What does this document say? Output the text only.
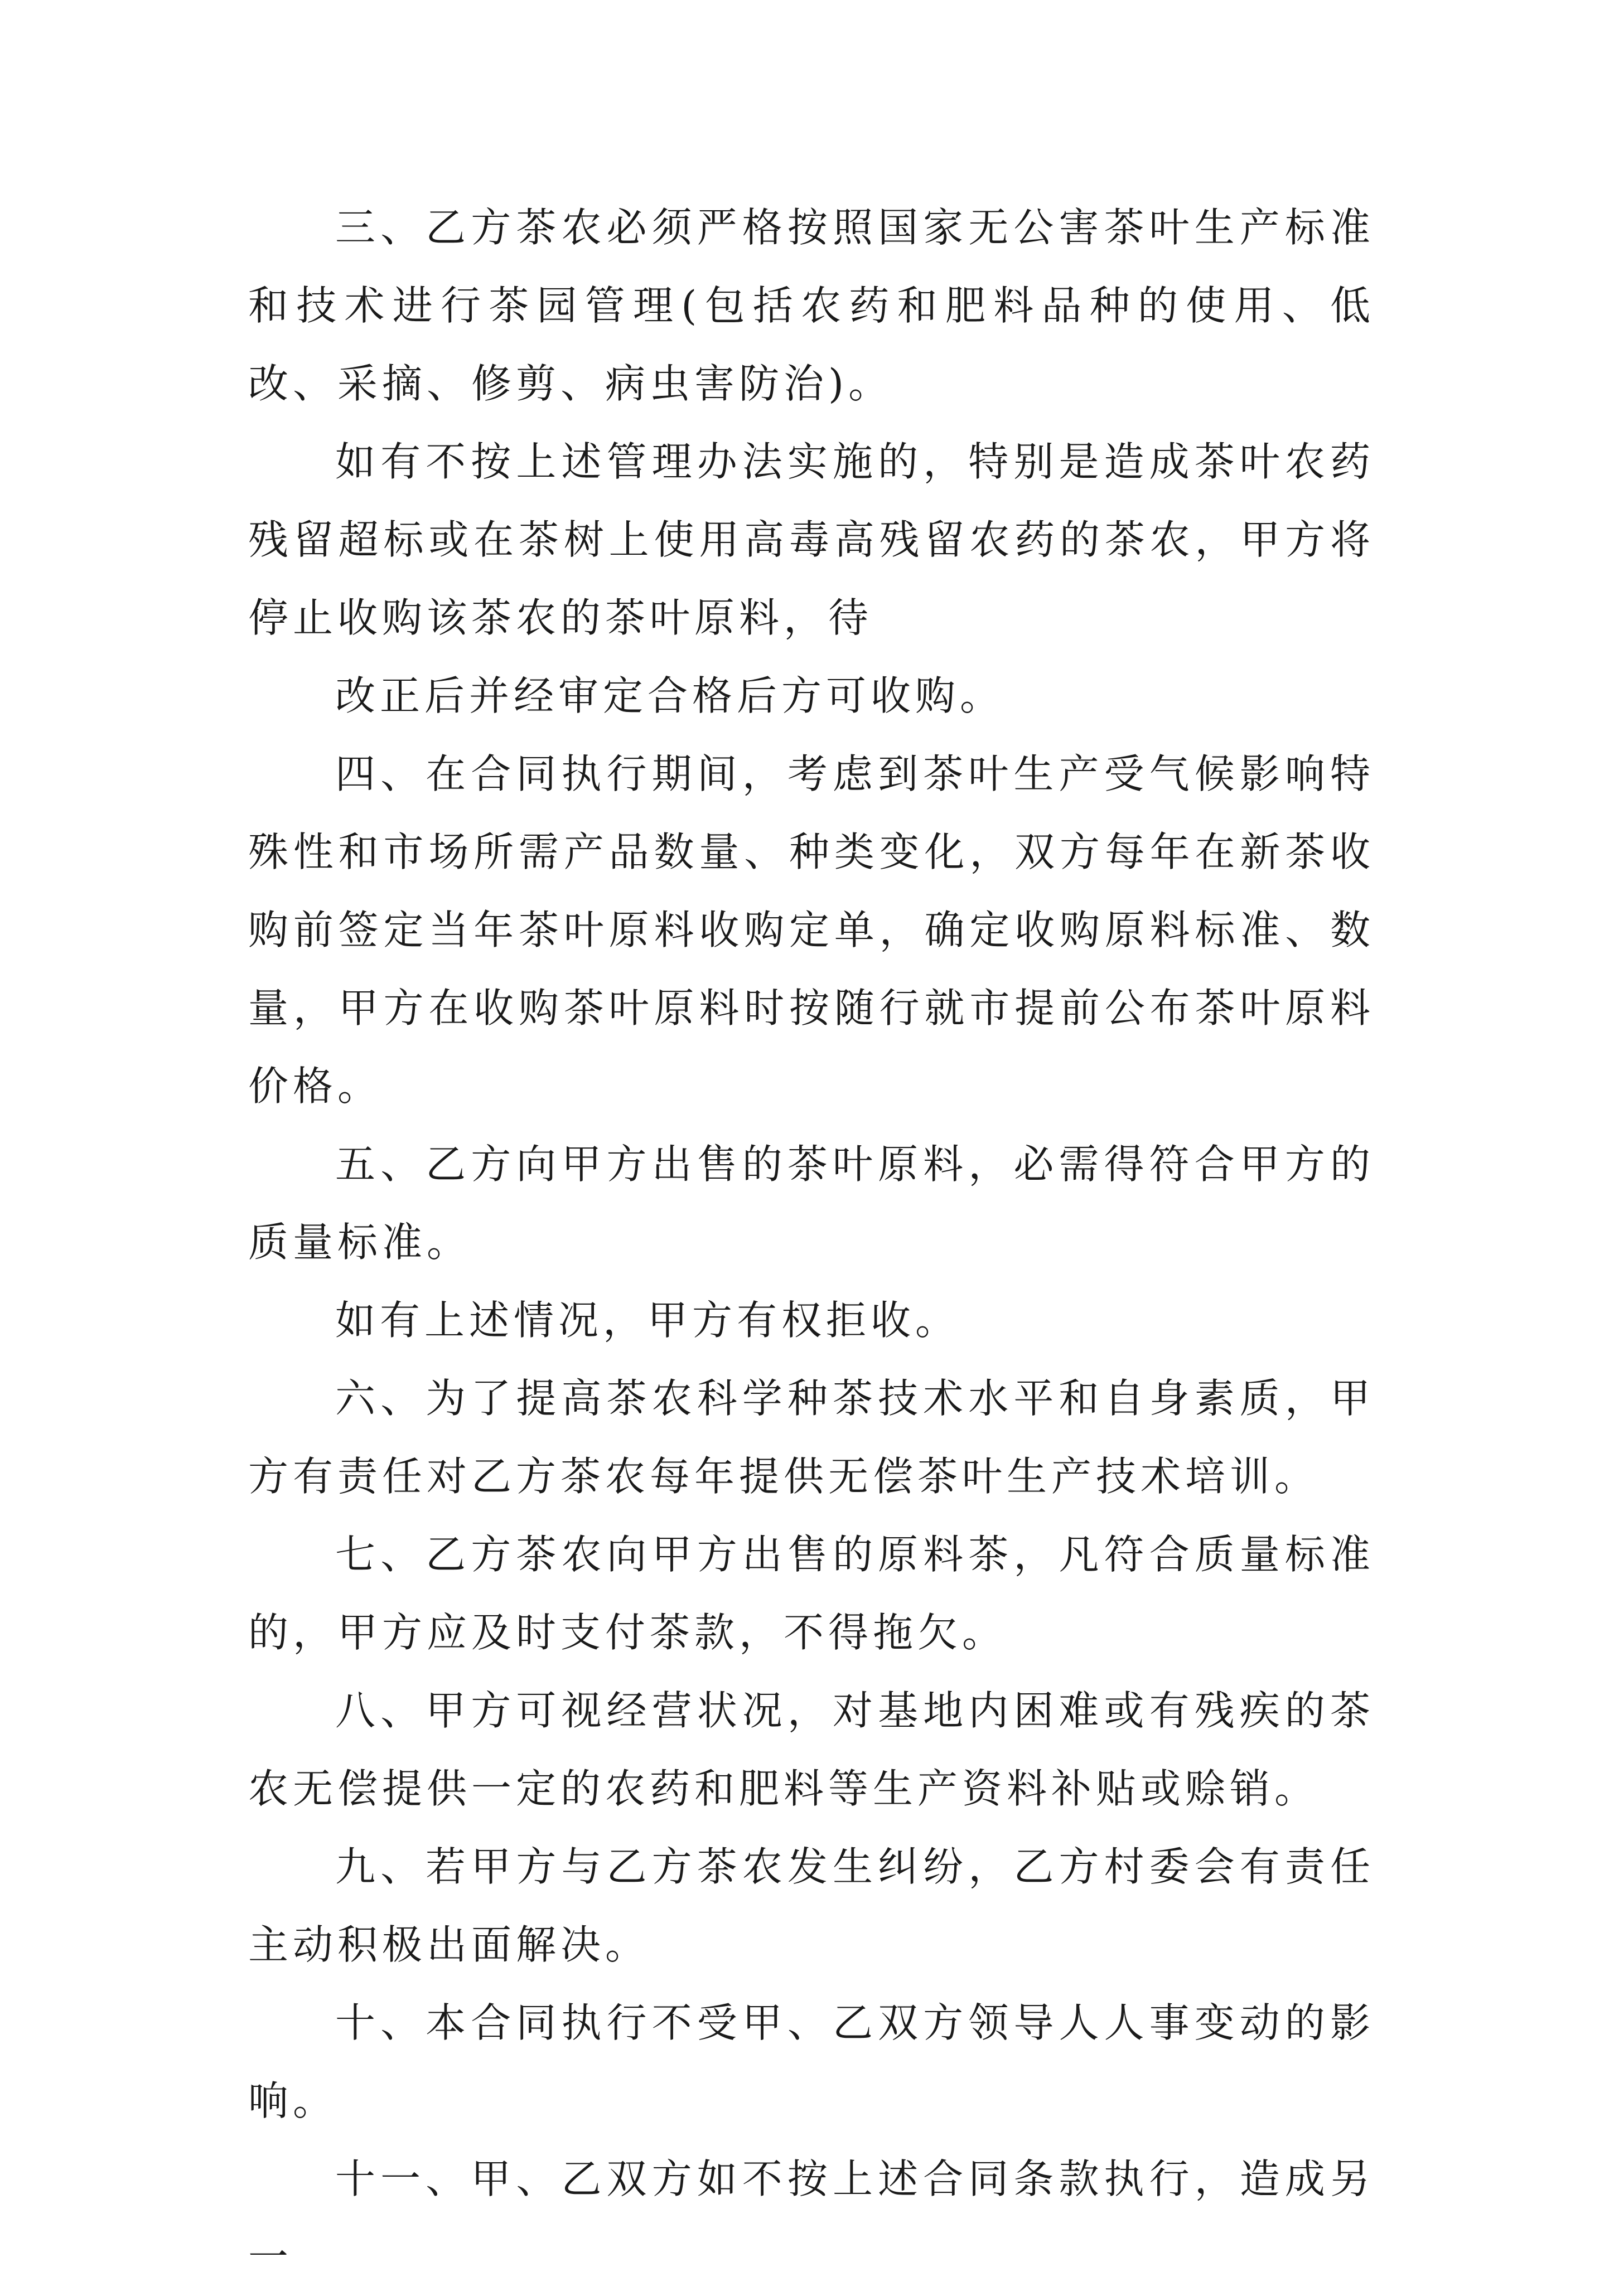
三、乙方茶农必须严格按照国家无公害茶叶生产标准和技术进行茶园管理(包括农药和肥料品种的使用、低改、采摘、修剪、病虫害防治)。

如有不按上述管理办法实施的，特别是造成茶叶农药残留超标或在茶树上使用高毒高残留农药的茶农，甲方将停止收购该茶农的茶叶原料，待

改正后并经审定合格后方可收购。

四、在合同执行期间，考虑到茶叶生产受气候影响特殊性和市场所需产品数量、种类变化，双方每年在新茶收购前签定当年茶叶原料收购定单，确定收购原料标准、数量，甲方在收购茶叶原料时按随行就市提前公布茶叶原料价格。

五、乙方向甲方出售的茶叶原料，必需得符合甲方的质量标准。

如有上述情况，甲方有权拒收。

六、为了提高茶农科学种茶技术水平和自身素质，甲方有责任对乙方茶农每年提供无偿茶叶生产技术培训。

七、乙方茶农向甲方出售的原料茶，凡符合质量标准的，甲方应及时支付茶款，不得拖欠。

八、甲方可视经营状况，对基地内困难或有残疾的茶农无偿提供一定的农药和肥料等生产资料补贴或赊销。

九、若甲方与乙方茶农发生纠纷，乙方村委会有责任主动积极出面解决。

十、本合同执行不受甲、乙双方领导人人事变动的影响。

十一、甲、乙双方如不按上述合同条款执行，造成另一
